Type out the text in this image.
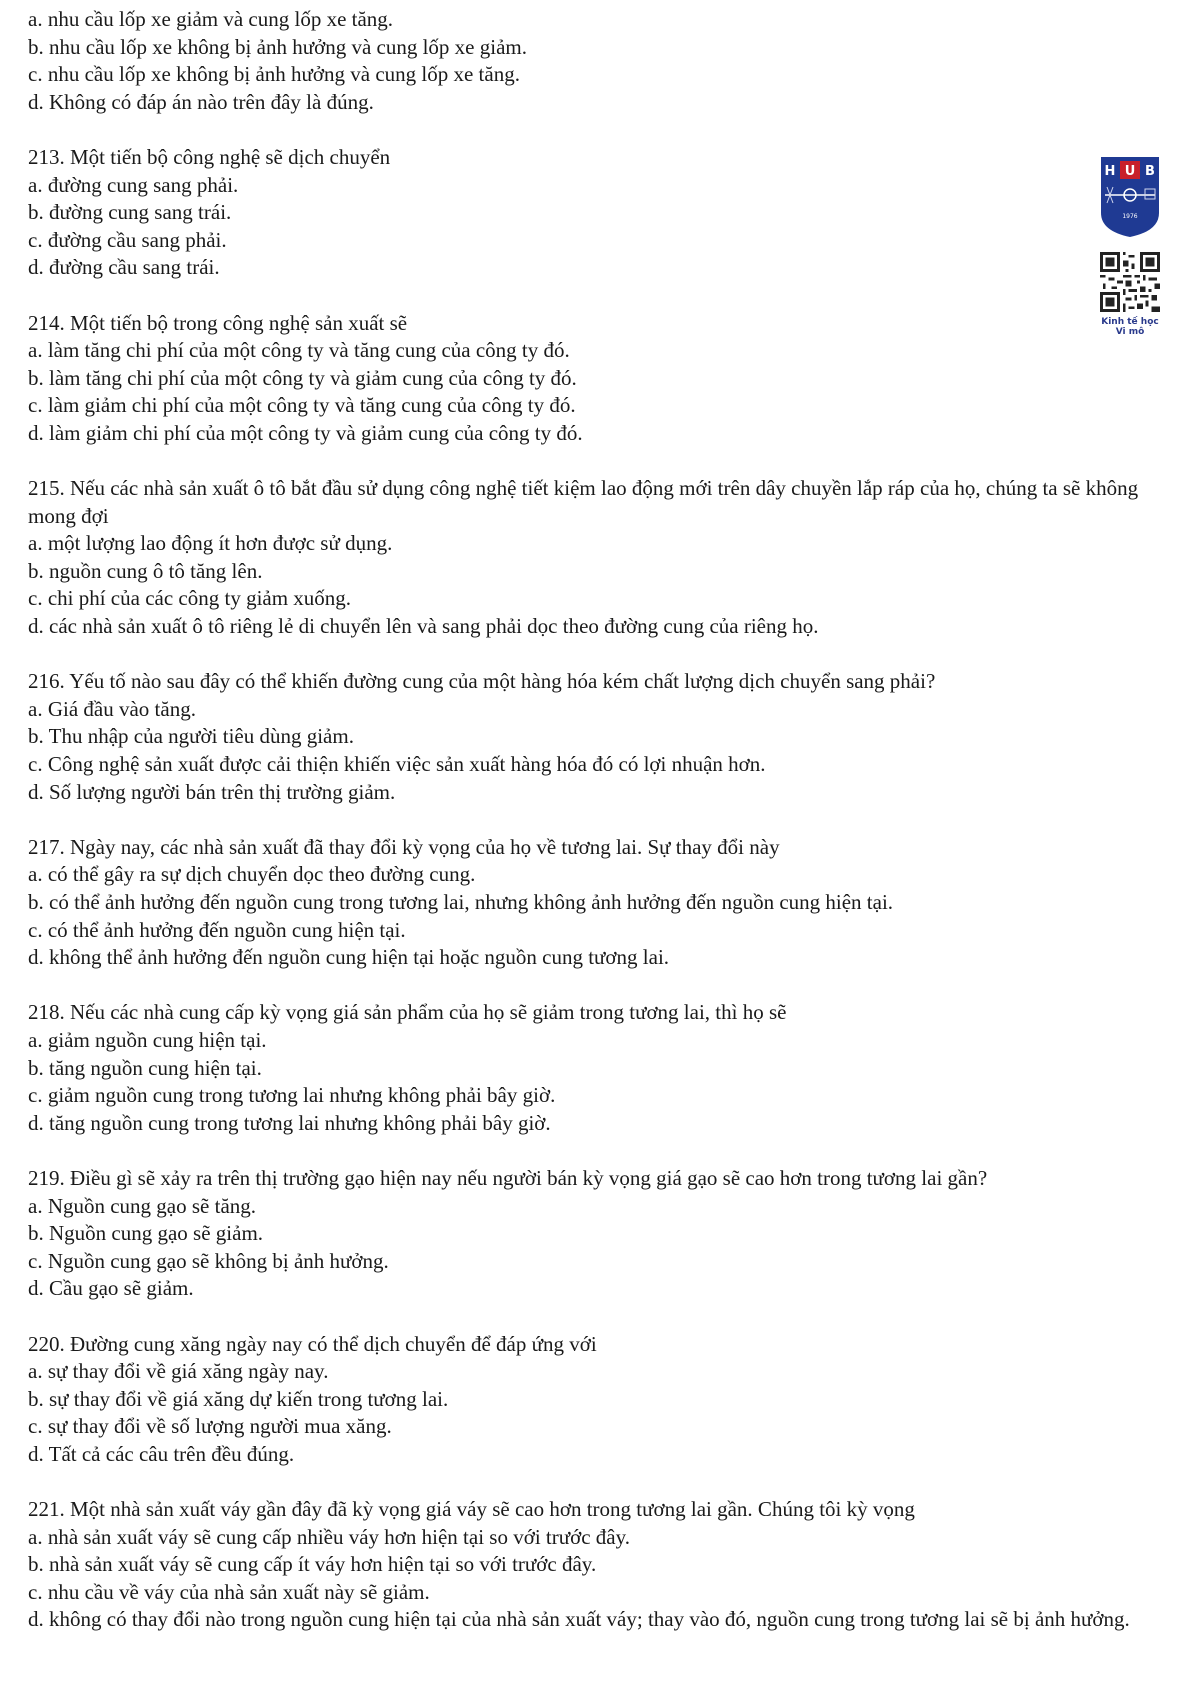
a. nhu cầu lốp xe giảm và cung lốp xe tăng.
b. nhu cầu lốp xe không bị ảnh hưởng và cung lốp xe giảm.
c. nhu cầu lốp xe không bị ảnh hưởng và cung lốp xe tăng.
d. Không có đáp án nào trên đây là đúng.
213. Một tiến bộ công nghệ sẽ dịch chuyển
a. đường cung sang phải.
b. đường cung sang trái.
c. đường cầu sang phải.
d. đường cầu sang trái.
214. Một tiến bộ trong công nghệ sản xuất sẽ
a. làm tăng chi phí của một công ty và tăng cung của công ty đó.
b. làm tăng chi phí của một công ty và giảm cung của công ty đó.
c. làm giảm chi phí của một công ty và tăng cung của công ty đó.
d. làm giảm chi phí của một công ty và giảm cung của công ty đó.
215. Nếu các nhà sản xuất ô tô bắt đầu sử dụng công nghệ tiết kiệm lao động mới trên dây chuyền lắp ráp của họ, chúng ta sẽ không mong đợi
a. một lượng lao động ít hơn được sử dụng.
b. nguồn cung ô tô tăng lên.
c. chi phí của các công ty giảm xuống.
d. các nhà sản xuất ô tô riêng lẻ di chuyển lên và sang phải dọc theo đường cung của riêng họ.
216. Yếu tố nào sau đây có thể khiến đường cung của một hàng hóa kém chất lượng dịch chuyển sang phải?
a. Giá đầu vào tăng.
b. Thu nhập của người tiêu dùng giảm.
c. Công nghệ sản xuất được cải thiện khiến việc sản xuất hàng hóa đó có lợi nhuận hơn.
d. Số lượng người bán trên thị trường giảm.
217. Ngày nay, các nhà sản xuất đã thay đổi kỳ vọng của họ về tương lai. Sự thay đổi này
a. có thể gây ra sự dịch chuyển dọc theo đường cung.
b. có thể ảnh hưởng đến nguồn cung trong tương lai, nhưng không ảnh hưởng đến nguồn cung hiện tại.
c. có thể ảnh hưởng đến nguồn cung hiện tại.
d. không thể ảnh hưởng đến nguồn cung hiện tại hoặc nguồn cung tương lai.
218. Nếu các nhà cung cấp kỳ vọng giá sản phẩm của họ sẽ giảm trong tương lai, thì họ sẽ
a. giảm nguồn cung hiện tại.
b. tăng nguồn cung hiện tại.
c. giảm nguồn cung trong tương lai nhưng không phải bây giờ.
d. tăng nguồn cung trong tương lai nhưng không phải bây giờ.
219. Điều gì sẽ xảy ra trên thị trường gạo hiện nay nếu người bán kỳ vọng giá gạo sẽ cao hơn trong tương lai gần?
a. Nguồn cung gạo sẽ tăng.
b. Nguồn cung gạo sẽ giảm.
c. Nguồn cung gạo sẽ không bị ảnh hưởng.
d. Cầu gạo sẽ giảm.
220. Đường cung xăng ngày nay có thể dịch chuyển để đáp ứng với
a. sự thay đổi về giá xăng ngày nay.
b. sự thay đổi về giá xăng dự kiến trong tương lai.
c. sự thay đổi về số lượng người mua xăng.
d. Tất cả các câu trên đều đúng.
221. Một nhà sản xuất váy gần đây đã kỳ vọng giá váy sẽ cao hơn trong tương lai gần. Chúng tôi kỳ vọng
a. nhà sản xuất váy sẽ cung cấp nhiều váy hơn hiện tại so với trước đây.
b. nhà sản xuất váy sẽ cung cấp ít váy hơn hiện tại so với trước đây.
c. nhu cầu về váy của nhà sản xuất này sẽ giảm.
d. không có thay đổi nào trong nguồn cung hiện tại của nhà sản xuất váy; thay vào đó, nguồn cung trong tương lai sẽ bị ảnh hưởng.
H U B
1976

Kinh tế học
Vi mô
